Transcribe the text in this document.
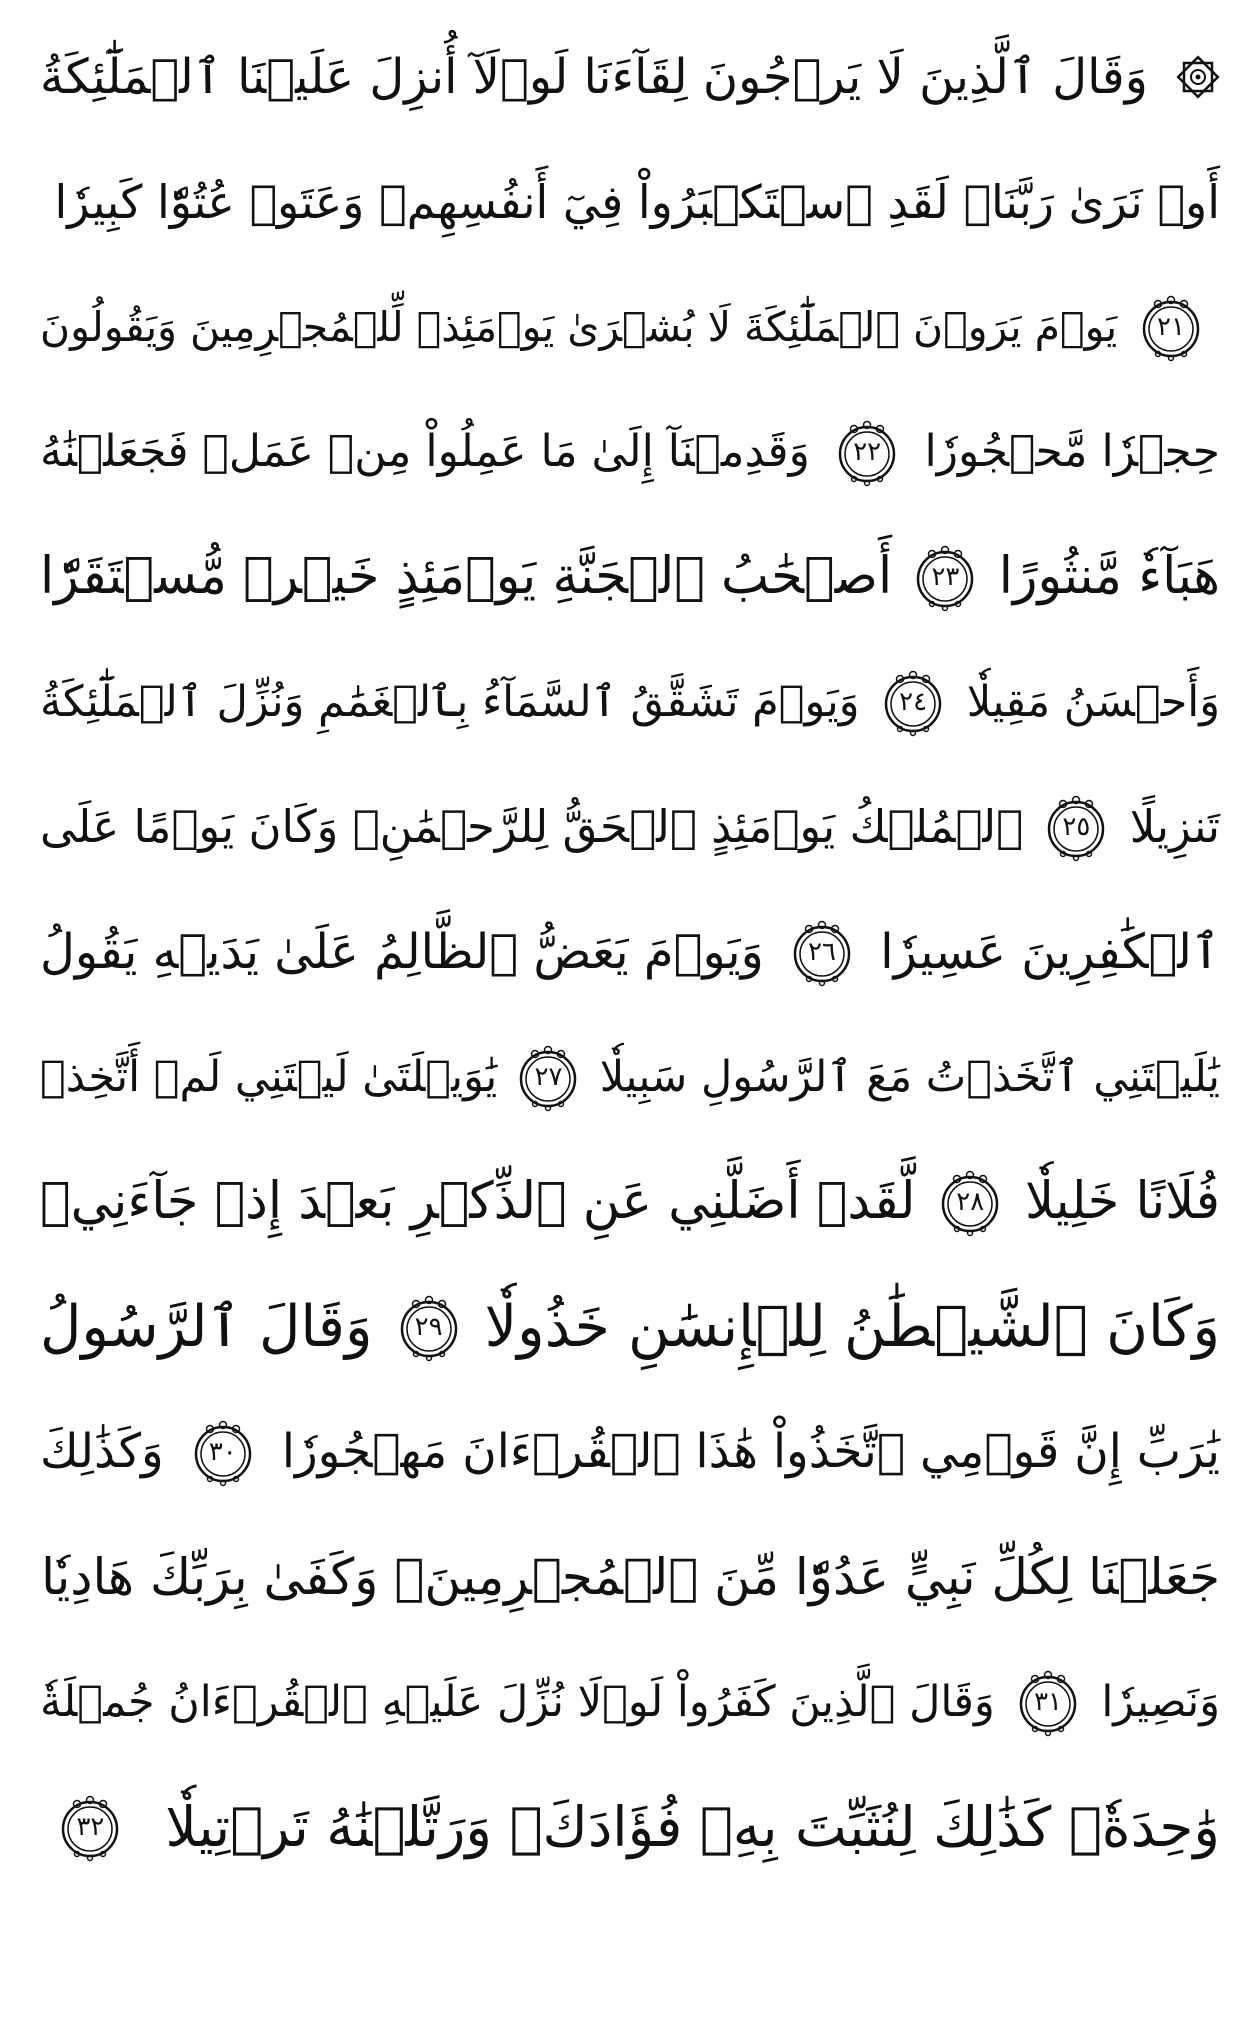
وَقَالَ ٱلَّذِينَ لَا يَرۡجُونَ لِقَآءَنَا لَوۡلَآ أُنزِلَ عَلَيۡنَا ٱلۡمَلَٰٓئِكَةُ
أَوۡ نَرَىٰ رَبَّنَاۗ لَقَدِ ٱسۡتَكۡبَرُواْ فِيٓ أَنفُسِهِمۡ وَعَتَوۡ عُتُوّٗا كَبِيرٗا
٢١
يَوۡمَ يَرَوۡنَ ٱلۡمَلَٰٓئِكَةَ لَا بُشۡرَىٰ يَوۡمَئِذٖ لِّلۡمُجۡرِمِينَ وَيَقُولُونَ
حِجۡرٗا مَّحۡجُورٗا
٢٢
وَقَدِمۡنَآ إِلَىٰ مَا عَمِلُواْ مِنۡ عَمَلٖ فَجَعَلۡنَٰهُ
هَبَآءٗ مَّنثُورًا
٢٣
أَصۡحَٰبُ ٱلۡجَنَّةِ يَوۡمَئِذٍ خَيۡرٞ مُّسۡتَقَرّٗا
وَأَحۡسَنُ مَقِيلٗا
٢٤
وَيَوۡمَ تَشَقَّقُ ٱلسَّمَآءُ بِٱلۡغَمَٰمِ وَنُزِّلَ ٱلۡمَلَٰٓئِكَةُ
تَنزِيلًا
٢٥
ٱلۡمُلۡكُ يَوۡمَئِذٍ ٱلۡحَقُّ لِلرَّحۡمَٰنِۚ وَكَانَ يَوۡمًا عَلَى
ٱلۡكَٰفِرِينَ عَسِيرٗا
٢٦
وَيَوۡمَ يَعَضُّ ٱلظَّالِمُ عَلَىٰ يَدَيۡهِ يَقُولُ
يَٰلَيۡتَنِي ٱتَّخَذۡتُ مَعَ ٱلرَّسُولِ سَبِيلٗا
٢٧
يَٰوَيۡلَتَىٰ لَيۡتَنِي لَمۡ أَتَّخِذۡ
فُلَانًا خَلِيلٗا
٢٨
لَّقَدۡ أَضَلَّنِي عَنِ ٱلذِّكۡرِ بَعۡدَ إِذۡ جَآءَنِيۗ
وَكَانَ ٱلشَّيۡطَٰنُ لِلۡإِنسَٰنِ خَذُولٗا
٢٩
وَقَالَ ٱلرَّسُولُ
يَٰرَبِّ إِنَّ قَوۡمِي ٱتَّخَذُواْ هَٰذَا ٱلۡقُرۡءَانَ مَهۡجُورٗا
٣٠
وَكَذَٰلِكَ
جَعَلۡنَا لِكُلِّ نَبِيٍّ عَدُوّٗا مِّنَ ٱلۡمُجۡرِمِينَۗ وَكَفَىٰ بِرَبِّكَ هَادِيٗا
وَنَصِيرٗا
٣١
وَقَالَ ٱلَّذِينَ كَفَرُواْ لَوۡلَا نُزِّلَ عَلَيۡهِ ٱلۡقُرۡءَانُ جُمۡلَةٗ
وَٰحِدَةٗۚ كَذَٰلِكَ لِنُثَبِّتَ بِهِۦ فُؤَادَكَۖ وَرَتَّلۡنَٰهُ تَرۡتِيلٗا
٣٢
